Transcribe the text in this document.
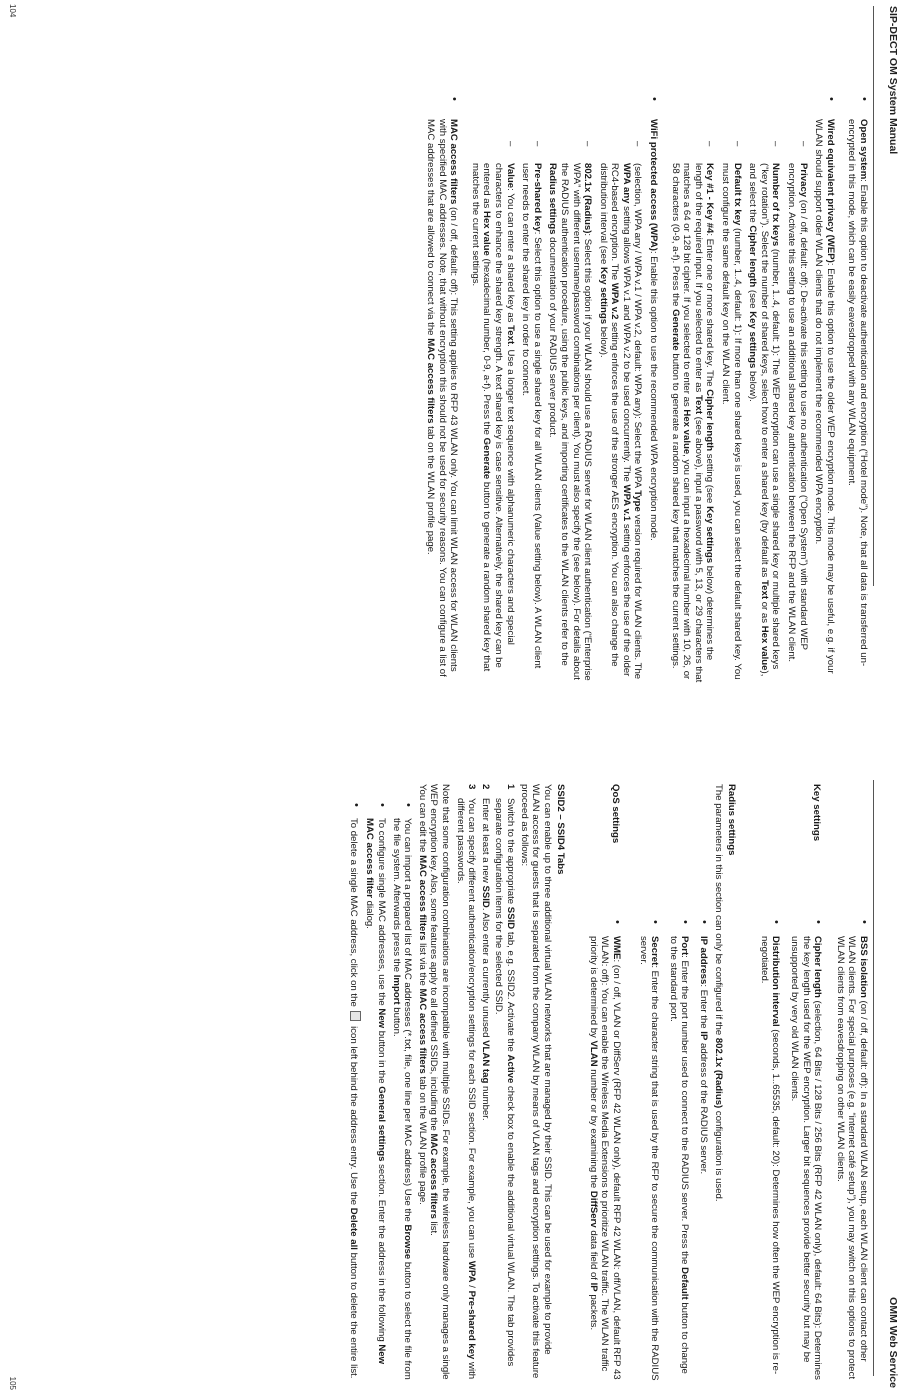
SIP-DECT OM System Manual
104
• Open system: Enable this option to deactivate authentication and encryption (“Hotel mode”). Note, that all data is transferred un-encrypted in this mode, which can be easily eavesdropped with any WLAN equipment.
• Wired equivalent privacy (WEP): Enable this option to use the older WEP encryption mode. This mode may be useful, e.g. if your WLAN should support older WLAN clients that do not implement the recommended WPA encryption.
– Privacy (on / off, default: off): De-activate this setting to use no authentication (“Open System”) with standard WEP encryption. Activate this setting to use an additional shared key authentication between the RFP and the WLAN client.
– Number of tx keys (number, 1..4, default: 1): The WEP encryption can use a single shared key or multiple shared keys (“key rotation”). Select the number of shared keys, select how to enter a shared key (by default as Text or as Hex value), and select the Cipher length (see Key settings below).
– Default tx key (number, 1..4, default: 1): If more than one shared keys is used, you can select the default shared key. You must configure the same default key on the WLAN client.
– Key #1 - Key #4: Enter one or more shared key. The Cipher length setting (see Key settings below) determines the length of the required input. If you selected to enter as Text (see above), input a password with 5, 13, or 29 characters that matches a 64 or 128 bit cipher. If you selected to enter as Hex value, you can input a hexadecimal number with 10, 26, or 58 characters (0-9, a-f). Press the Generate button to generate a random shared key that matches the current settings.
• WiFi protected access (WPA): Enable this option to use the recommended WPA encryption mode.
– (selection, WPA any / WPA v.1 / WPA v.2, default: WPA any): Select the WPA Type version required for WLAN clients. The WPA any setting allows WPA v.1 and WPA v.2 to be used concurrently. The WPA v.1 setting enforces the use of the older RC4-based encryption. The WPA v.2 setting enforces the use of the stronger AES encryption. You can also change the distribution interval (see Key settings below).
– 802.1x (Radius): Select this option if your WLAN should use a RADIUS server for WLAN client authentication (“Enterprise WPA” with different username/password combinations per client). You must also specify the (see below). For details about the RADIUS authentication procedure, using the public keys, and importing certificates to the WLAN clients refer to the Radius settings documentation of your RADIUS server product.
– Pre-shared key: Select this option to use a single shared key for all WLAN clients (Value setting below). A WLAN client user needs to enter the shared key in order to connect.
– Value: You can enter a shared key as Text. Use a longer text sequence with alphanumeric characters and special characters to enhance the shared key strength. A text shared key is case sensitive. Alternatively, the shared key can be entered as Hex value (hexadecimal number, 0-9, a-f). Press the Generate button to generate a random shared key that matches the current settings.
• MAC access filters (on / off, default: off): This setting applies to RFP 43 WLAN only. You can limit WLAN access for WLAN clients with specified MAC addresses. Note, that without encryption this should not be used for security reasons. You can configure a list of MAC addresses that are allowed to connect via the MAC access filters tab on the WLAN profile page.
OMM Web Service
105
• BSS isolation (on / off, default: off): In a standard WLAN setup, each WLAN client can contact other WLAN clients. For special purposes (e.g. “internet café setup”), you may switch on this options to protect WLAN clients from eavesdropping on other WLAN clients.
Key settings
• Cipher length (selection, 64 Bits / 128 Bits / 256 Bits (RFP 42 WLAN only), default: 64 Bits): Determines the key length used for the WEP encryption. Larger bit sequences provide better security but may be unsupported by very old WLAN clients.
• Distribution interval (seconds, 1..65535, default: 20): Determines how often the WEP encryption is re-negotiated.
Radius settings

The parameters in this section can only be configured if the 802.1x (Radius) configuration is used.

• IP address: Enter the IP address of the RADIUS server.
• Port: Enter the port number used to connect to the RADIUS server. Press the Default button to change to the standard port.
• Secret: Enter the character string that is used by the RFP to secure the communication with the RADIUS server.
QoS settings
• WME: (on / off, VLAN or DiffServ (RFP 42 WLAN only), default RFP 42 WLAN: off/VLAN, default RFP 43 WLAN: off): You can enable the Wireless Media Extensions to prioritize WLAN traffic. The WLAN traffic priority is determined by VLAN number or by examining the DiffServ data field of IP packets.
SSID2 – SSID4 Tabs

You can enable up to three additional virtual WLAN networks that are managed by their SSID. This can be used for example to provide WLAN access for guests that is separated from the company WLAN by means of VLAN tags and encryption settings. To activate this feature proceed as follows:

1
Switch to the appropriate SSID tab, e.g. SSID2. Activate the Active check box to enable the additional virtual WLAN. The tab provides separate configuration items for the selected SSID.
2
Enter at least a new SSID. Also enter a currently unused VLAN tag number.
3
You can specify different authentication/encryption settings for each SSID section. For example, you can use WPA / Pre-shared key with different passwords.

Note that some configuration combinations are incompatible with multiple SSIDs. For example, the wireless hardware only manages a single WEP encryption key. Also, some features apply to all defined SSIDs, including the MAC access filters list.

You can edit the MAC access filters list via the MAC access filters tab on the WLAN profile page.

• You can import a prepared list of MAC addresses (*.txt, file, one line per MAC address) Use the Browse button to select the file from the file system. Afterwards press the Import button.
• To configure single MAC addresses, use the New button in the General settings section. Enter the address in the following New MAC access filter dialog.
• To delete a single MAC address, click on the  icon left behind the address entry. Use the Delete all button to delete the entire list.
